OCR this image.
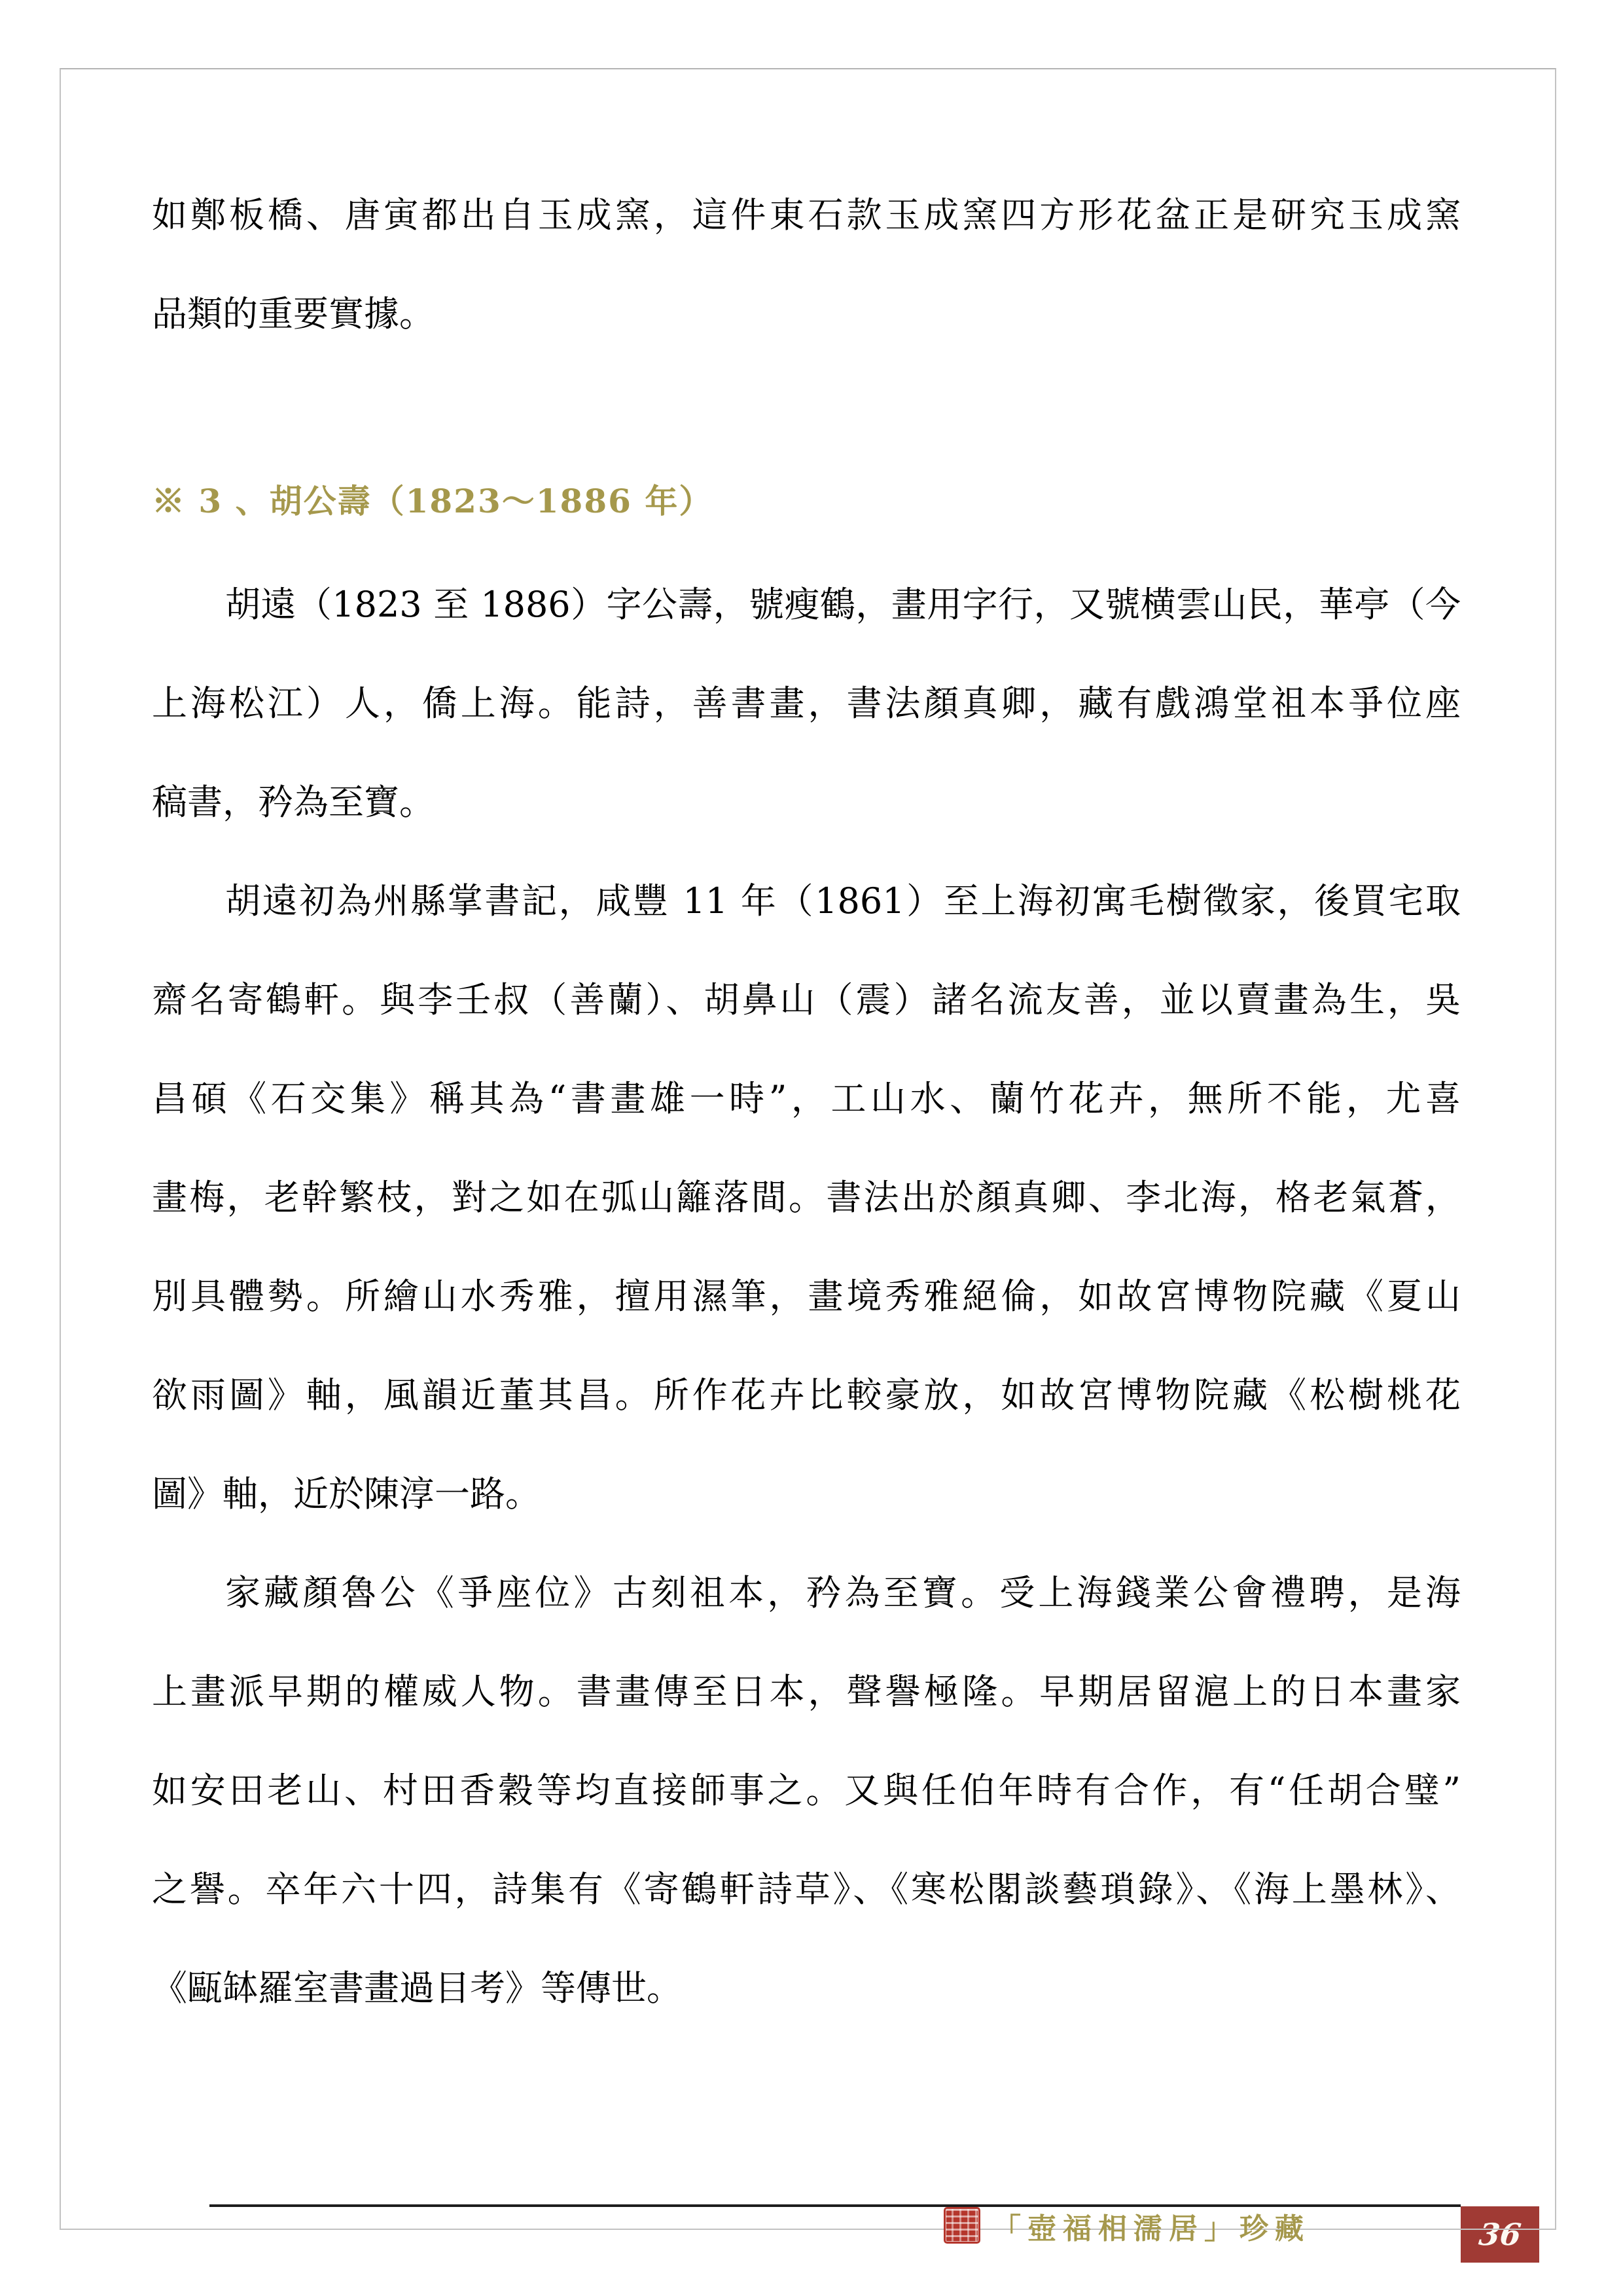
如鄭板橋、唐寅都出自玉成窯，這件東石款玉成窯四方形花盆正是研究玉成窯
品類的重要實據。
※ 3 、胡公壽（1823～1886 年）
胡遠（1823 至 1886）字公壽，號瘦鶴，畫用字行，又號横雲山民，華亭（今
上海松江）人，僑上海。能詩，善書畫，書法顏真卿，藏有戲鴻堂祖本爭位座
稿書，矜為至寶。
胡遠初為州縣掌書記，咸豐 11 年（1861）至上海初寓毛樹徵家，後買宅取
齋名寄鶴軒。與李壬叔（善蘭）、胡鼻山（震）諸名流友善，並以賣畫為生，吳
昌碩《石交集》稱其為“書畫雄一時”，工山水、蘭竹花卉，無所不能，尤喜
畫梅，老幹繁枝，對之如在弧山籬落間。書法出於顏真卿、李北海，格老氣蒼，
別具體勢。所繪山水秀雅，擅用濕筆，畫境秀雅絕倫，如故宮博物院藏《夏山
欲雨圖》軸，風韻近董其昌。所作花卉比較豪放，如故宮博物院藏《松樹桃花
圖》軸，近於陳淳一路。
家藏顏魯公《爭座位》古刻祖本，矜為至寶。受上海錢業公會禮聘，是海
上畫派早期的權威人物。書畫傳至日本，聲譽極隆。早期居留滬上的日本畫家
如安田老山、村田香穀等均直接師事之。又與任伯年時有合作，有“任胡合璧”
之譽。卒年六十四，詩集有《寄鶴軒詩草》、《寒松閣談藝瑣錄》、《海上墨林》、
《甌缽羅室書畫過目考》等傳世。
36
「壺福相濡居」珍藏
